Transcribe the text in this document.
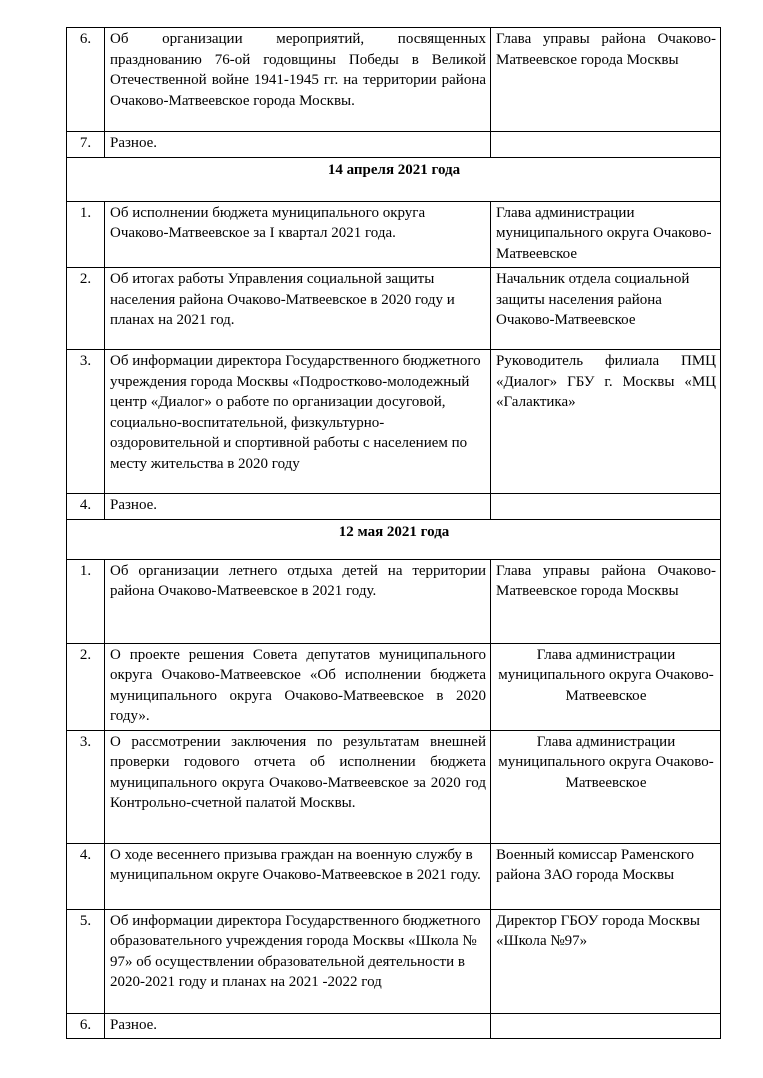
6.	Об организации мероприятий, посвященных празднованию 76-ой годовщины Победы в Великой Отечественной войне 1941-1945 гг. на территории района Очаково-Матвеевское города Москвы.	Глава управы района Очаково-Матвеевское города Москвы
7.	Разное.	
14 апреля 2021 года		
1.	Об исполнении бюджета муниципального округа Очаково-Матвеевское за I квартал 2021 года.	Глава администрации муниципального округа Очаково-Матвеевское
2.	Об итогах работы Управления социальной защиты населения района Очаково-Матвеевское в 2020 году и планах на 2021 год.	Начальник отдела социальной защиты населения района Очаково-Матвеевское
3.	Об информации директора Государственного бюджетного учреждения города Москвы «Подростково-молодежный центр «Диалог» о работе по организации досуговой, социально-воспитательной, физкультурно-оздоровительной и спортивной работы с населением по месту жительства в 2020 году	Руководитель филиала ПМЦ «Диалог» ГБУ г. Москвы «МЦ «Галактика»
4.	Разное.	
12 мая 2021 года		
1.	Об организации летнего отдыха детей на территории района Очаково-Матвеевское в 2021 году.	Глава управы района Очаково-Матвеевское города Москвы
2.	О проекте решения Совета депутатов муниципального округа Очаково-Матвеевское «Об исполнении бюджета муниципального округа Очаково-Матвеевское в 2020 году».	Глава администрации муниципального округа Очаково-Матвеевское
3.	О рассмотрении заключения по результатам внешней проверки годового отчета об исполнении бюджета муниципального округа Очаково-Матвеевское за 2020 год Контрольно-счетной палатой Москвы.	Глава администрации муниципального округа Очаково-Матвеевское
4.	О ходе весеннего призыва граждан на военную службу в муниципальном округе Очаково-Матвеевское в 2021 году.	Военный комиссар Раменского района ЗАО города Москвы
5.	Об информации директора Государственного бюджетного образовательного учреждения города Москвы «Школа № 97» об осуществлении образовательной деятельности в 2020-2021 году и планах на 2021 -2022 год	Директор ГБОУ города Москвы «Школа №97»
6.	Разное.	
